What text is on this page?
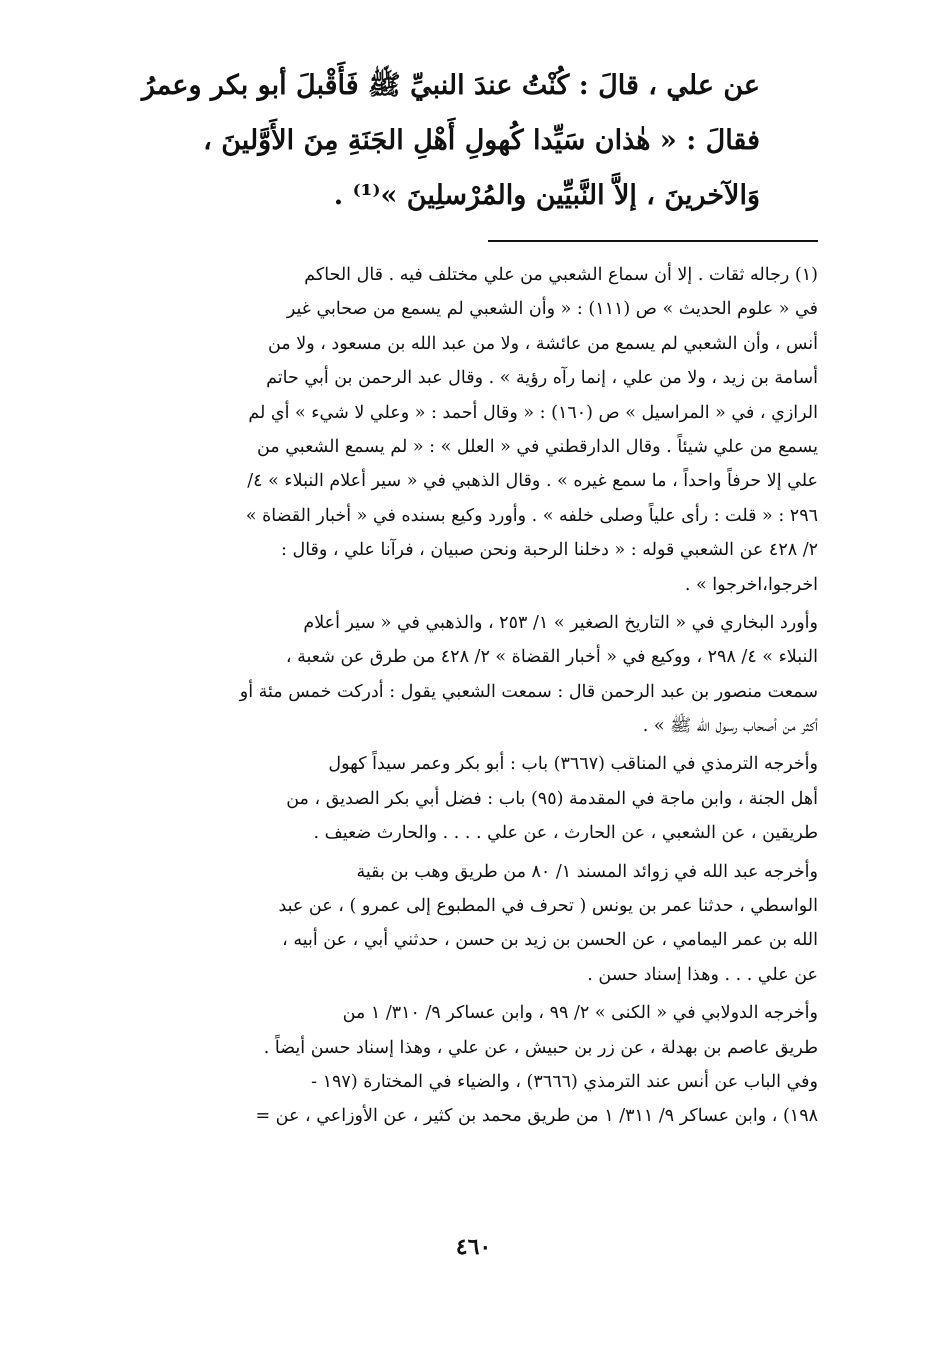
عن علي ، قالَ : كُنْتُ عندَ النبيِّ ﷺ فَأَقْبلَ أبو بكر وعمرُ
فقالَ : « هٰذان سَيِّدا كُهولِ أَهْلِ الجَنَةِ مِنَ الأَوَّلينَ ،
وَالآخرينَ ، إلاَّ النَّبيِّين والمُرْسلِينَ »⁽¹⁾ .
(١) رجاله ثقات . إلا أن سماع الشعبي من علي مختلف فيه . قال الحاكم
في « علوم الحديث » ص (١١١) : « وأن الشعبي لم يسمع من صحابي غير
أنس ، وأن الشعبي لم يسمع من عائشة ، ولا من عبد الله بن مسعود ، ولا من
أسامة بن زيد ، ولا من علي ، إنما رآه رؤية » . وقال عبد الرحمن بن أبي حاتم
الرازي ، في « المراسيل » ص (١٦٠) : « وقال أحمد : « وعلي لا شيء » أي لم
يسمع من علي شيئاً . وقال الدارقطني في « العلل » : « لم يسمع الشعبي من
علي إلا حرفاً واحداً ، ما سمع غيره » . وقال الذهبي في « سير أعلام النبلاء » ٤/
٢٩٦ : « قلت : رأى علياً وصلى خلفه » . وأورد وكيع بسنده في « أخبار القضاة »
٢/ ٤٢٨ عن الشعبي قوله : « دخلنا الرحبة ونحن صبيان ، فرآنا علي ، وقال :
اخرجوا،اخرجوا » .
وأورد البخاري في « التاريخ الصغير » ١/ ٢٥٣ ، والذهبي في « سير أعلام
النبلاء » ٤/ ٢٩٨ ، ووكيع في « أخبار القضاة » ٢/ ٤٢٨ من طرق عن شعبة ،
سمعت منصور بن عبد الرحمن قال : سمعت الشعبي يقول : أدركت خمس مئة أو
أكثر من أصحاب رسول الله ﷺ » .
وأخرجه الترمذي في المناقب (٣٦٦٧) باب : أبو بكر وعمر سيداً كهول
أهل الجنة ، وابن ماجة في المقدمة (٩٥) باب : فضل أبي بكر الصديق ، من
طريقين ، عن الشعبي ، عن الحارث ، عن علي . . . . والحارث ضعيف .
وأخرجه عبد الله في زوائد المسند ١/ ٨٠ من طريق وهب بن بقية
الواسطي ، حدثنا عمر بن يونس ( تحرف في المطبوع إلى عمرو ) ، عن عبد
الله بن عمر اليمامي ، عن الحسن بن زيد بن حسن ، حدثني أبي ، عن أبيه ،
عن علي . . . وهذا إسناد حسن .
وأخرجه الدولابي في « الكنى » ٢/ ٩٩ ، وابن عساكر ٩/ ٣١٠/ ١ من
طريق عاصم بن بهدلة ، عن زر بن حبيش ، عن علي ، وهذا إسناد حسن أيضاً .
وفي الباب عن أنس عند الترمذي (٣٦٦٦) ، والضياء في المختارة (١٩٧ -
١٩٨) ، وابن عساكر ٩/ ٣١١/ ١ من طريق محمد بن كثير ، عن الأوزاعي ، عن =
٤٦٠
